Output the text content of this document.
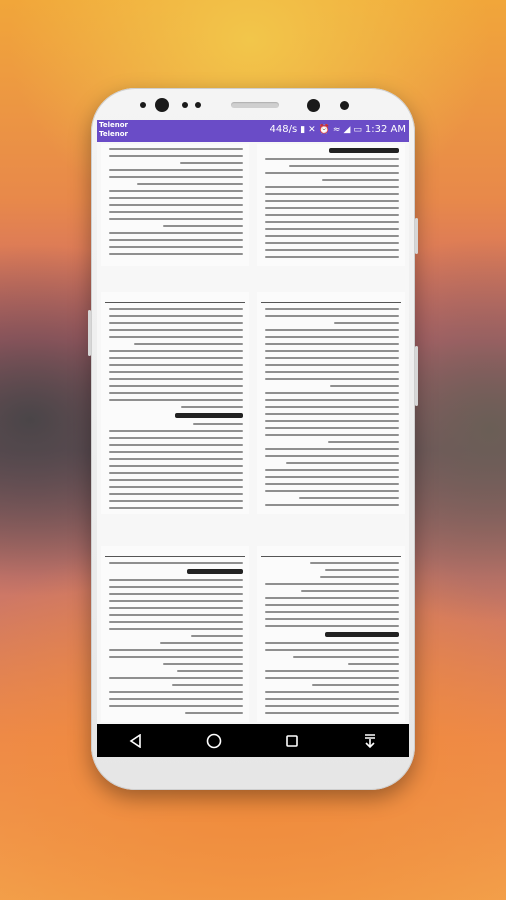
Telenor
Telenor	448/s ▮ ✕ ⏰ ≈ ◢ ▭ 1:32 AM
